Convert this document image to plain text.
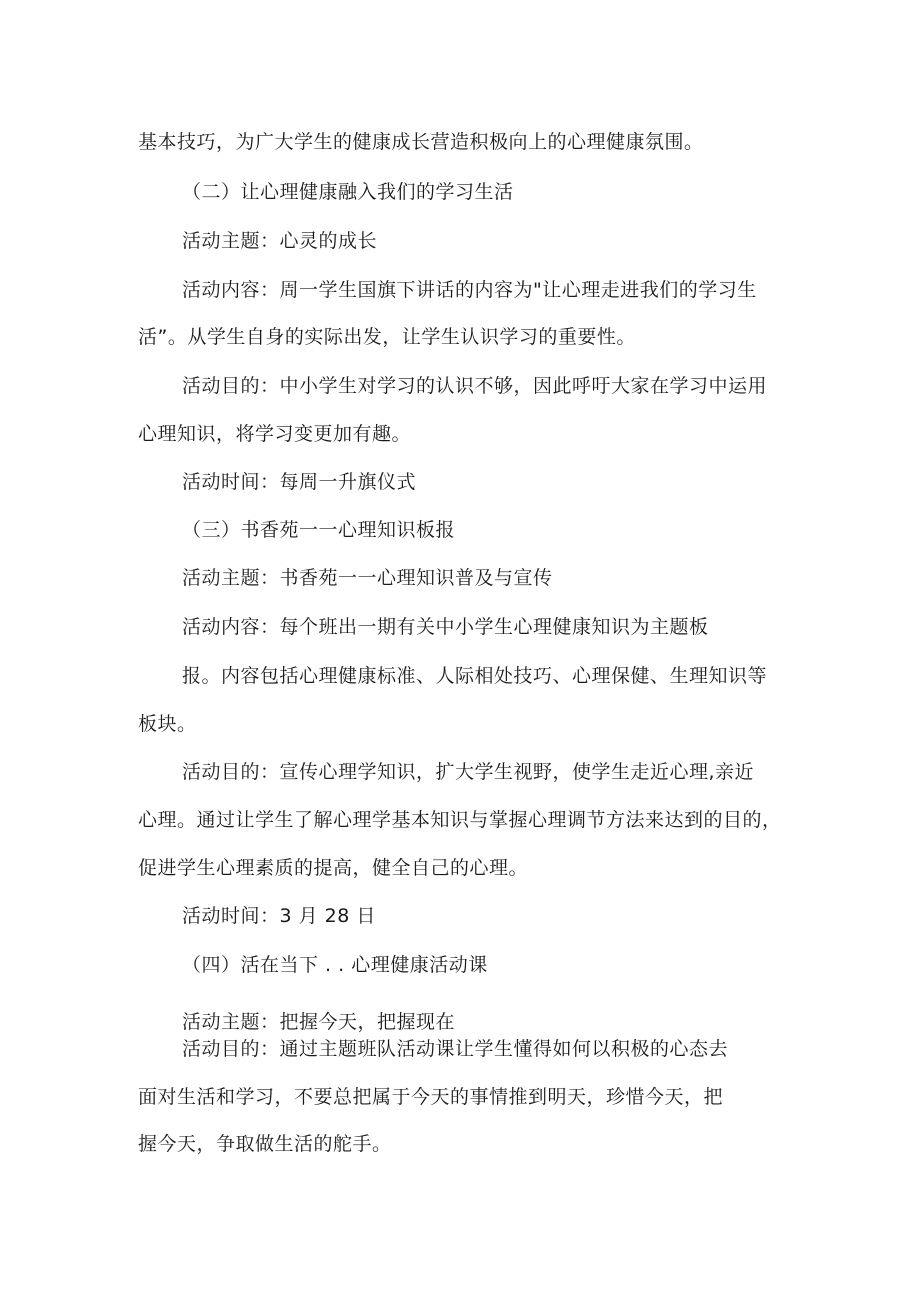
基本技巧，为广大学生的健康成长营造积极向上的心理健康氛围。
（二）让心理健康融入我们的学习生活
活动主题：心灵的成长
活动内容：周一学生国旗下讲话的内容为"让心理走进我们的学习生
活”。从学生自身的实际出发，让学生认识学习的重要性。
活动目的：中小学生对学习的认识不够，因此呼吁大家在学习中运用
心理知识，将学习变更加有趣。
活动时间：每周一升旗仪式
（三）书香苑一一心理知识板报
活动主题：书香苑一一心理知识普及与宣传
活动内容：每个班出一期有关中小学生心理健康知识为主题板
报。内容包括心理健康标准、人际相处技巧、心理保健、生理知识等
板块。
活动目的：宣传心理学知识，扩大学生视野，使学生走近心理,亲近
心理。通过让学生了解心理学基本知识与掌握心理调节方法来达到的目的，
促进学生心理素质的提高，健全自己的心理。
活动时间：3 月 28 日
（四）活在当下 . . 心理健康活动课
活动主题：把握今天，把握现在
活动目的：通过主题班队活动课让学生懂得如何以积极的心态去
面对生活和学习，不要总把属于今天的事情推到明天，珍惜今天，把
握今天，争取做生活的舵手。
